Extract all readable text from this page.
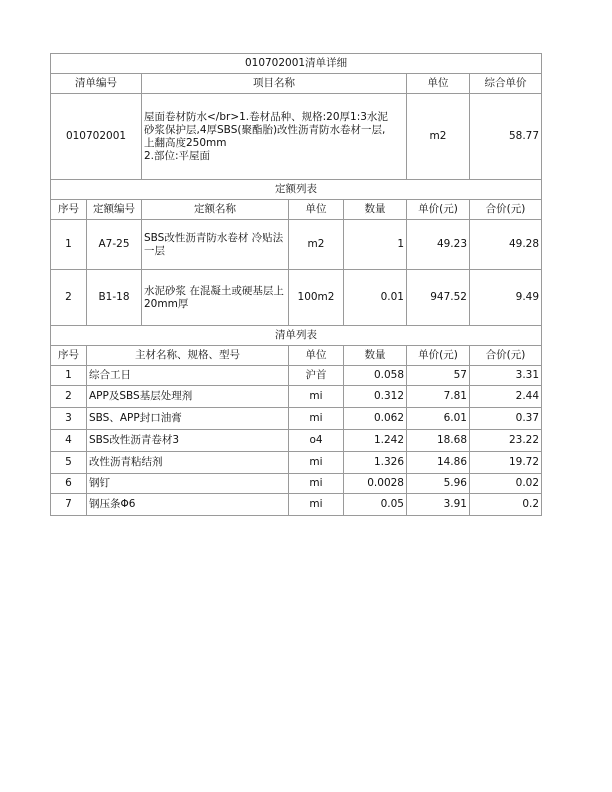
010702001清单详细						
清单编号		项目名称			单位	综合单价
010702001		屋面卷材防水</br>1.卷材品种、规格:20厚1:3水泥
砂浆保护层,4厚SBS(聚酯胎)改性沥青防水卷材一层,
上翻高度250mm
2.部位:平屋面			m2	58.77
定额列表						
序号	定额编号	定额名称	单位	数量	单价(元)	合价(元)
1	A7-25	SBS改性沥青防水卷材 冷贴法 一层	m2	1	49.23	49.28
2	B1-18	水泥砂浆 在混凝土或硬基层上 20mm厚	100m2	0.01	947.52	9.49
清单列表						
序号	主材名称、规格、型号		单位	数量	单价(元)	合价(元)
1	综合工日		沪首	0.058	57	3.31
2	APP及SBS基层处理剂		mi	0.312	7.81	2.44
3	SBS、APP封口油膏		mi	0.062	6.01	0.37
4	SBS改性沥青卷材3		o4	1.242	18.68	23.22
5	改性沥青粘结剂		mi	1.326	14.86	19.72
6	钢钉		mi	0.0028	5.96	0.02
7	钢压条Φ6		mi	0.05	3.91	0.2
